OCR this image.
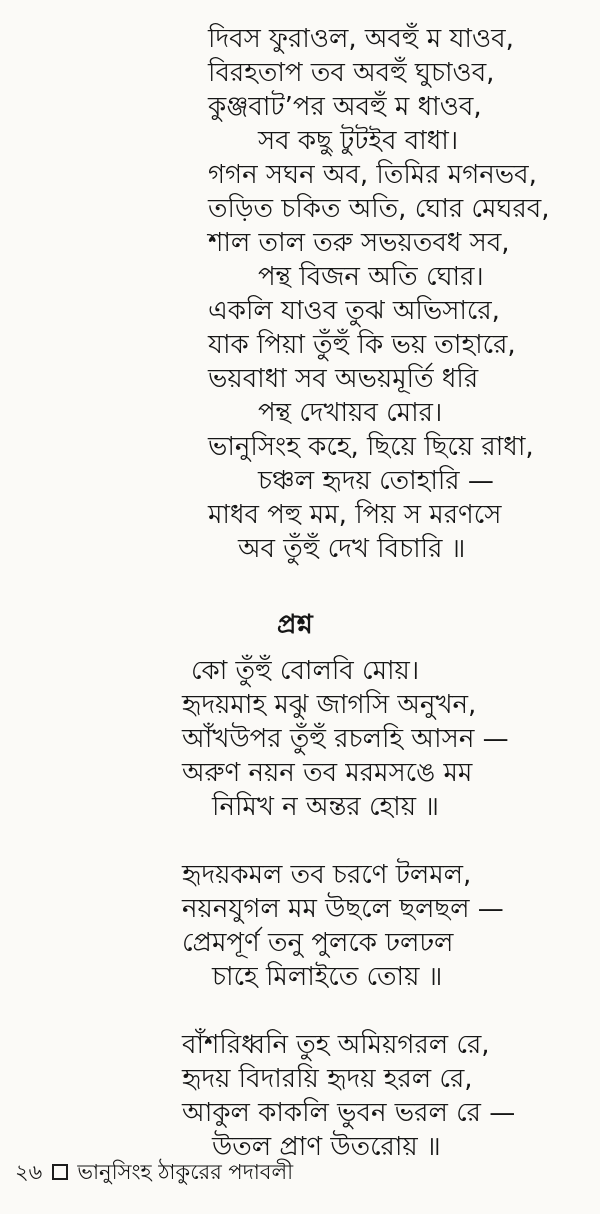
দিবস ফুরাওল, অবহুঁ ম যাওব,
বিরহতাপ তব অবহুঁ ঘুচাওব,
কুঞ্জবাট’পর অবহুঁ ম ধাওব,
সব কছু টুটইব বাধা।
গগন সঘন অব, তিমির মগনভব,
তড়িত চকিত অতি, ঘোর মেঘরব,
শাল তাল তরু সভয়তবধ সব,
পন্থ বিজন অতি ঘোর।
একলি যাওব তুঝ অভিসারে,
যাক পিয়া তুঁহুঁ কি ভয় তাহারে,
ভয়বাধা সব অভয়মূর্তি ধরি
পন্থ দেখায়ব মোর।
ভানুসিংহ কহে, ছিয়ে ছিয়ে রাধা,
চঞ্চল হৃদয় তোহারি —
মাধব পহু মম, পিয় স মরণসে
অব তুঁহুঁ দেখ বিচারি ॥
প্রশ্ন
কো তুঁহুঁ বোলবি মোয়।
হৃদয়মাহ মঝু জাগসি অনুখন,
আঁখউপর তুঁহুঁ রচলহি আসন —
অরুণ নয়ন তব মরমসঙে মম
নিমিখ ন অন্তর হোয় ॥
হৃদয়কমল তব চরণে টলমল,
নয়নযুগল মম উছলে ছলছল —
প্রেমপূর্ণ তনু পুলকে ঢলঢল
চাহে মিলাইতে তোয় ॥
বাঁশরিধ্বনি তুহ অমিয়গরল রে,
হৃদয় বিদারয়ি হৃদয় হরল রে,
আকুল কাকলি ভুবন ভরল রে —
উতল প্রাণ উতরোয় ॥
২৬ ভানুসিংহ ঠাকুরের পদাবলী
